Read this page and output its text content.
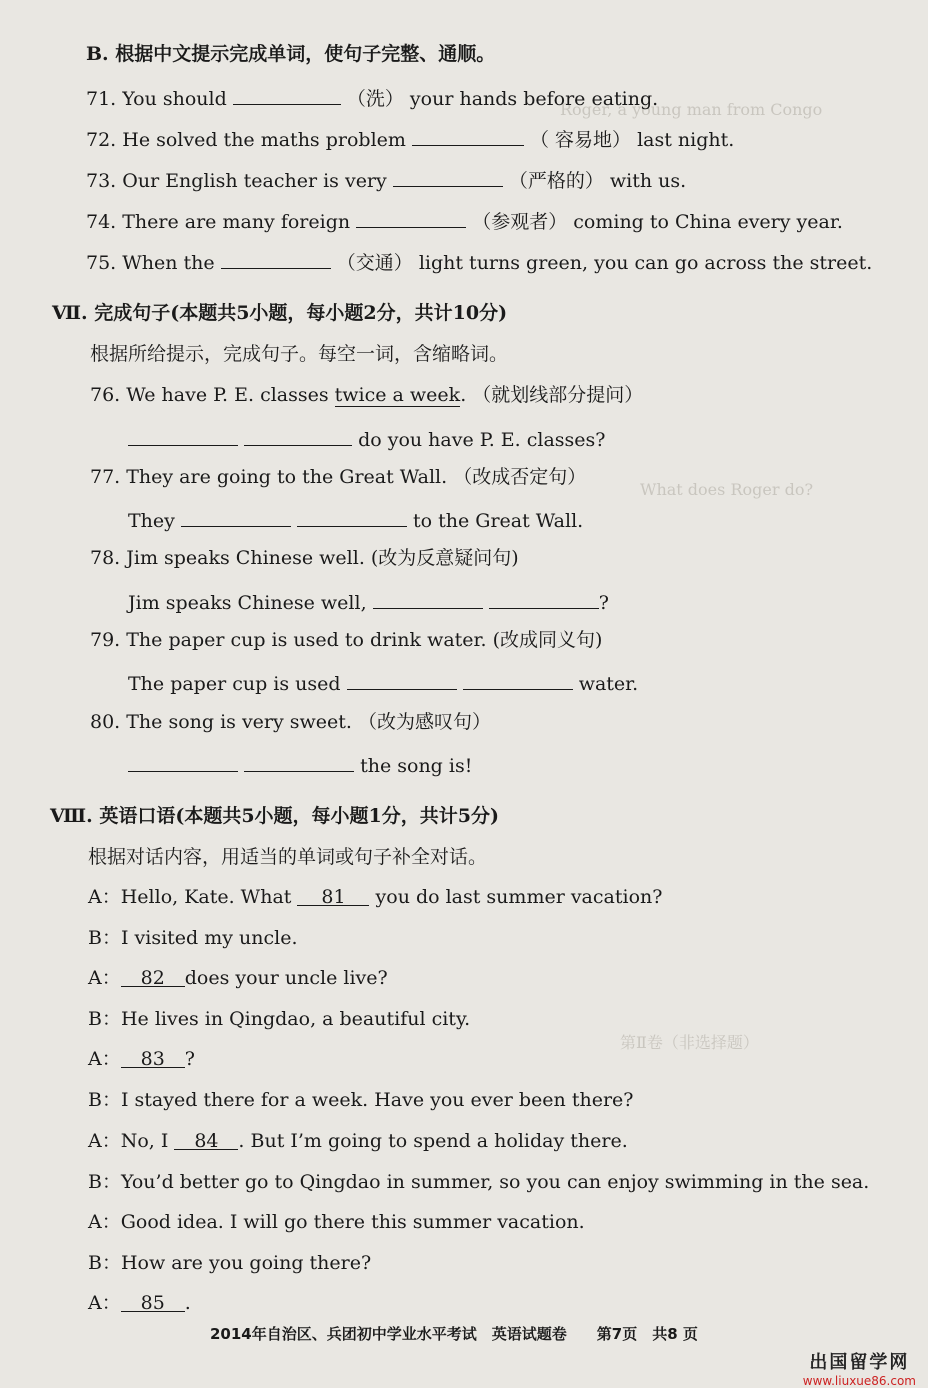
Roger, a young man from Congo
What does Roger do?
第Ⅱ卷（非选择题）
B. 根据中文提示完成单词，使句子完整、通顺。
71. You should	（洗） your hands before eating.
72. He solved the maths problem	（ 容易地） last night.
73. Our English teacher is very	（严格的） with us.
74. There are many foreign	（参观者） coming to China every year.
75. When the	（交通） light turns green, you can go across the street.
Ⅶ. 完成句子(本题共5小题，每小题2分，共计10分)
根据所给提示，完成句子。每空一词，含缩略词。
76. We have P. E. classes twice a week. （就划线部分提问）
do you have P. E. classes?
77. They are going to the Great Wall. （改成否定句）
They	to the Great Wall.
78. Jim speaks Chinese well. (改为反意疑问句)
Jim speaks Chinese well,	?
79. The paper cup is used to drink water. (改成同义句)
The paper cup is used	water.
80. The song is very sweet. （改为感叹句）
the song is!
Ⅷ. 英语口语(本题共5小题，每小题1分，共计5分)
根据对话内容，用适当的单词或句子补全对话。
A：Hello, Kate. What 81 you do last summer vacation?
B：I visited my uncle.
A： 82 does your uncle live?
B：He lives in Qingdao, a beautiful city.
A： 83 ?
B：I stayed there for a week. Have you ever been there?
A：No, I 84 . But I’m going to spend a holiday there.
B：You’d better go to Qingdao in summer, so you can enjoy swimming in the sea.
A：Good idea. I will go there this summer vacation.
B：How are you going there?
A： 85 .
2014年自治区、兵团初中学业水平考试　英语试题卷　　第7页　共8 页
出国留学网
www.liuxue86.com
